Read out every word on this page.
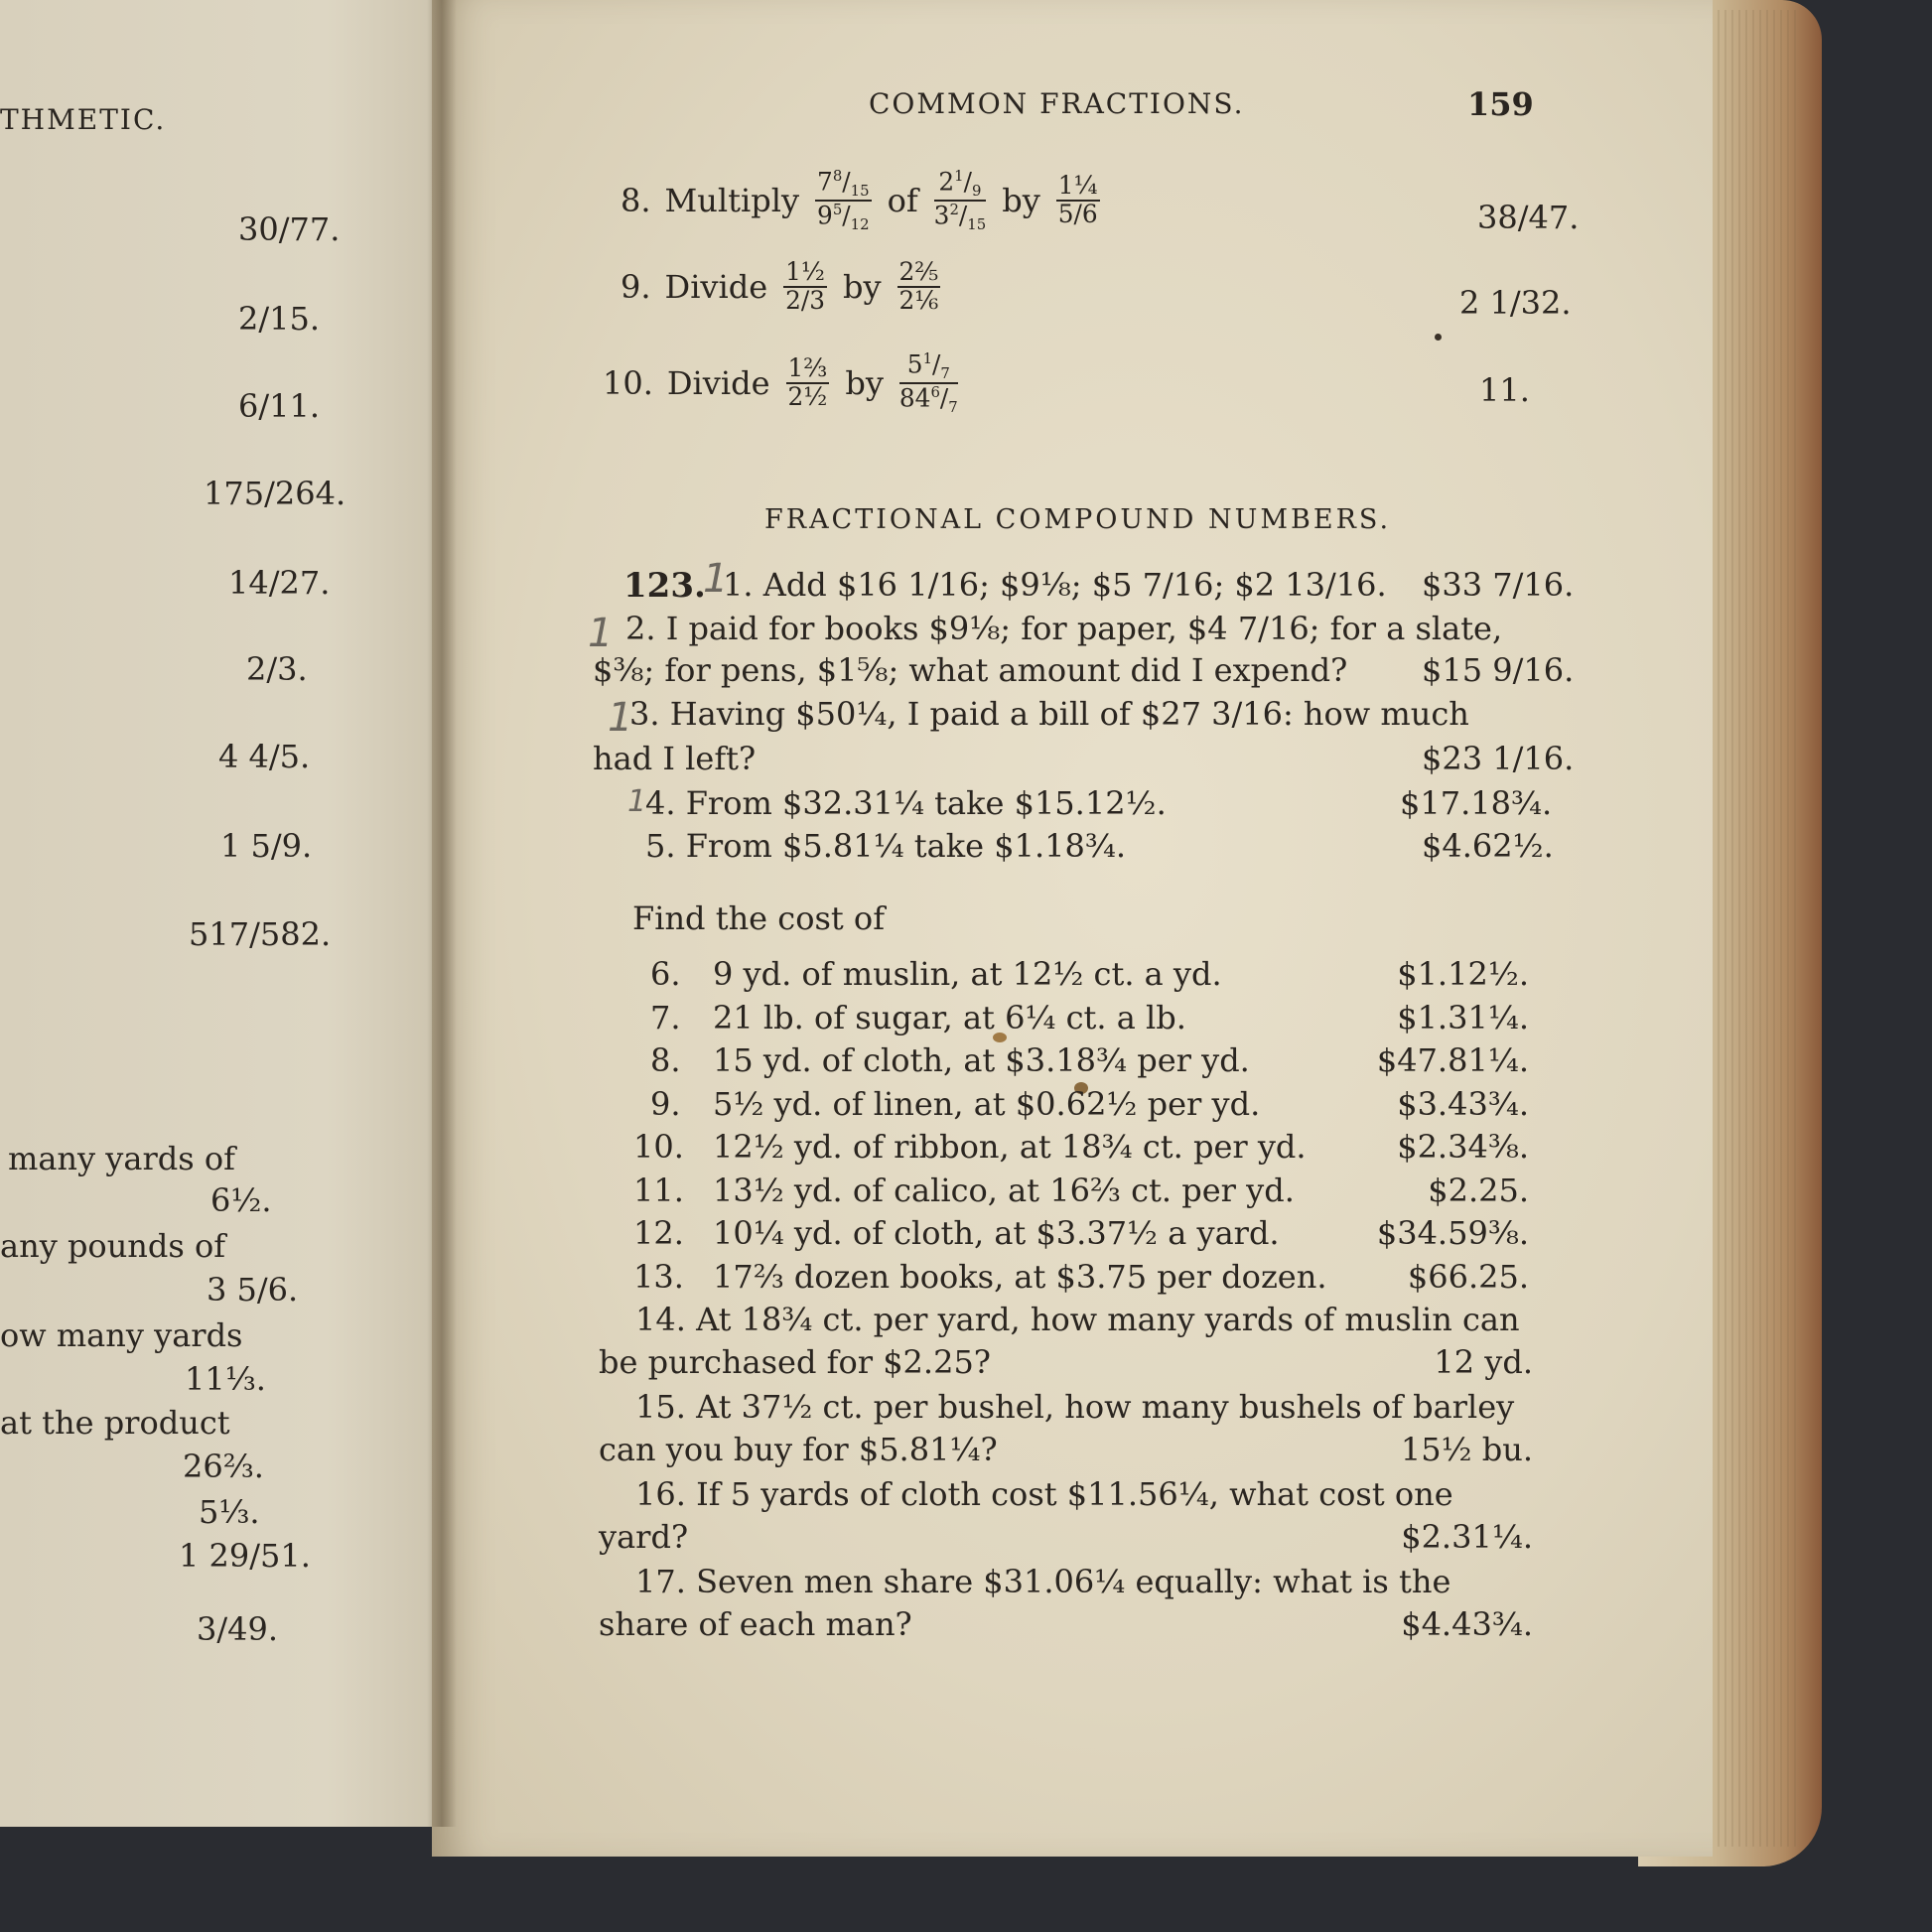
THMETIC.
30/77.
2/15.
6/11.
175/264.
14/27.
2/3.
4 4/5.
1 5/9.
517/582.
many yards of
6½.
any pounds of
3 5/6.
ow many yards
11⅓.
at the product
26⅔.
5⅓.
1 29/51.
3/49.
COMMON FRACTIONS.	159
8. Multiply $\frac{7^8/_{15}}{9^5/_{12}}$ of $\frac{2^1/_9}{3^2/_{15}}$ by $\frac{\text{1¼}}{5/6}$	38/47.
9. Divide $\frac{\text{1½}}{2/3}$ by $\frac{\text{2⅖}}{\text{2⅙}}$	2 1/32.
10. Divide $\frac{\text{1⅔}}{\text{2½}}$ by $\frac{5^1/_7}{84^6/_7}$	11.
FRACTIONAL COMPOUND NUMBERS.
123.
1
1
1
1
1. Add $16 1/16; $9⅛; $5 7/16; $2 13/16. $33 7/16.
2. I paid for books $9⅛; for paper, $4 7/16; for a slate,
$⅜; for pens, $1⅝; what amount did I expend? $15 9/16.
3. Having $50¼, I paid a bill of $27 3/16: how much
had I left?	$23 1/16.
4. From $32.31¼ take $15.12½.	$17.18¾.
5. From $5.81¼ take $1.18¾.	$4.62½.
Find the cost of
6. 9 yd. of muslin, at 12½ ct. a yd.	$1.12½.
7. 21 lb. of sugar, at 6¼ ct. a lb.	$1.31¼.
8. 15 yd. of cloth, at $3.18¾ per yd.	$47.81¼.
9. 5½ yd. of linen, at $0.62½ per yd.	$3.43¾.
10. 12½ yd. of ribbon, at 18¾ ct. per yd.	$2.34⅜.
11. 13½ yd. of calico, at 16⅔ ct. per yd.	$2.25.
12. 10¼ yd. of cloth, at $3.37½ a yard.	$34.59⅜.
13. 17⅔ dozen books, at $3.75 per dozen.	$66.25.
14. At 18¾ ct. per yard, how many yards of muslin can
be purchased for $2.25?	12 yd.
15. At 37½ ct. per bushel, how many bushels of barley
can you buy for $5.81¼?	15½ bu.
16. If 5 yards of cloth cost $11.56¼, what cost one
yard?	$2.31¼.
17. Seven men share $31.06¼ equally: what is the
share of each man?	$4.43¾.
